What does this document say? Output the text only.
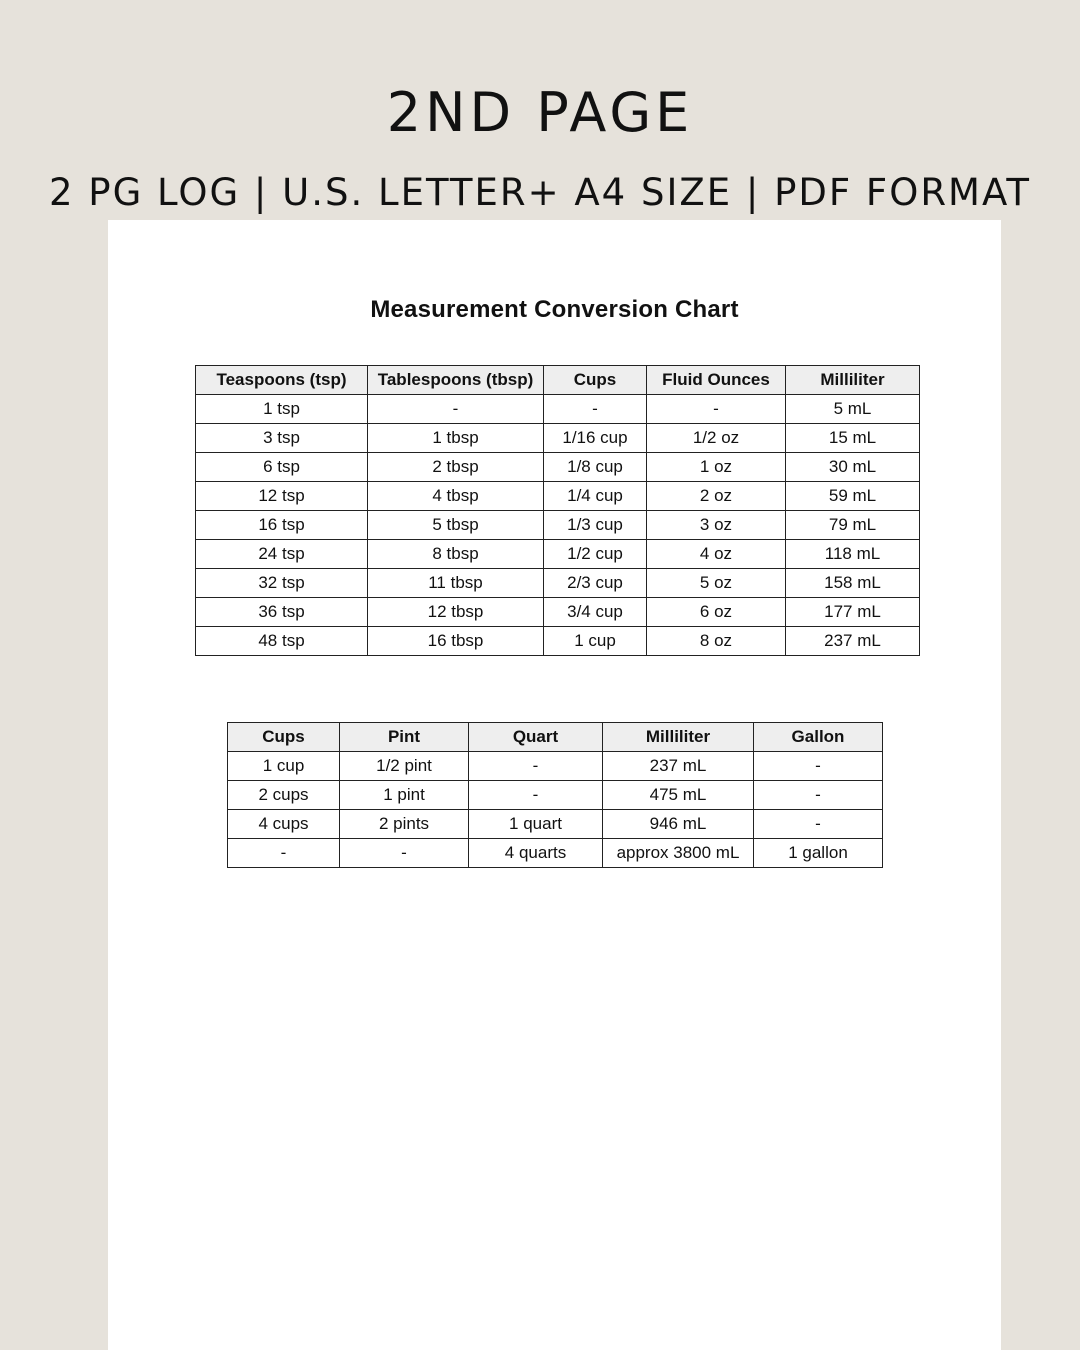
2ND PAGE
2 PG LOG | U.S. LETTER+ A4 SIZE | PDF FORMAT
Measurement Conversion Chart
Teaspoons (tsp)	Tablespoons (tbsp)	Cups	Fluid Ounces	Milliliter
1 tsp	-	-	-	5 mL
3 tsp	1 tbsp	1/16 cup	1/2 oz	15 mL
6 tsp	2 tbsp	1/8 cup	1 oz	30 mL
12 tsp	4 tbsp	1/4 cup	2 oz	59 mL
16 tsp	5 tbsp	1/3 cup	3 oz	79 mL
24 tsp	8 tbsp	1/2 cup	4 oz	118 mL
32 tsp	11 tbsp	2/3 cup	5 oz	158 mL
36 tsp	12 tbsp	3/4 cup	6 oz	177 mL
48 tsp	16 tbsp	1 cup	8 oz	237 mL
Cups	Pint	Quart	Milliliter	Gallon
1 cup	1/2 pint	-	237 mL	-
2 cups	1 pint	-	475 mL	-
4 cups	2 pints	1 quart	946 mL	-
-	-	4 quarts	approx 3800 mL	1 gallon
